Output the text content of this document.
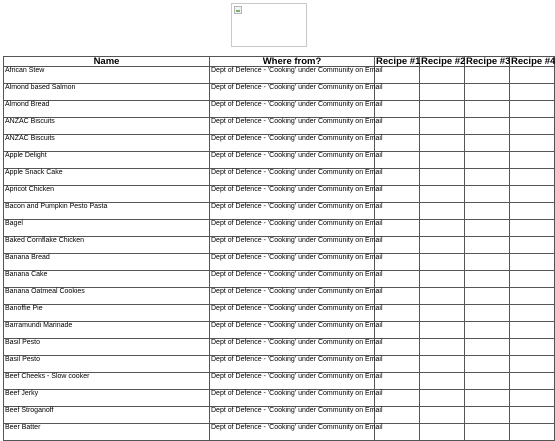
Name	Where from?	Recipe #1	Recipe #2	Recipe #3	Recipe #4
African Stew	Dept of Defence - 'Cooking' under Community on Email				
Almond based Salmon	Dept of Defence - 'Cooking' under Community on Email				
Almond Bread	Dept of Defence - 'Cooking' under Community on Email				
ANZAC Biscuits	Dept of Defence - 'Cooking' under Community on Email				
ANZAC Biscuits	Dept of Defence - 'Cooking' under Community on Email				
Apple Delight	Dept of Defence - 'Cooking' under Community on Email				
Apple Snack Cake	Dept of Defence - 'Cooking' under Community on Email				
Apricot Chicken	Dept of Defence - 'Cooking' under Community on Email				
Bacon and Pumpkin Pesto Pasta	Dept of Defence - 'Cooking' under Community on Email				
Bagel	Dept of Defence - 'Cooking' under Community on Email				
Baked Cornflake Chicken	Dept of Defence - 'Cooking' under Community on Email				
Banana Bread	Dept of Defence - 'Cooking' under Community on Email				
Banana Cake	Dept of Defence - 'Cooking' under Community on Email				
Banana Oatmeal Cookies	Dept of Defence - 'Cooking' under Community on Email				
Banoffie Pie	Dept of Defence - 'Cooking' under Community on Email				
Barramundi Marinade	Dept of Defence - 'Cooking' under Community on Email				
Basil Pesto	Dept of Defence - 'Cooking' under Community on Email				
Basil Pesto	Dept of Defence - 'Cooking' under Community on Email				
Beef Cheeks - Slow cooker	Dept of Defence - 'Cooking' under Community on Email				
Beef Jerky	Dept of Defence - 'Cooking' under Community on Email				
Beef Stroganoff	Dept of Defence - 'Cooking' under Community on Email				
Beer Batter	Dept of Defence - 'Cooking' under Community on Email				
